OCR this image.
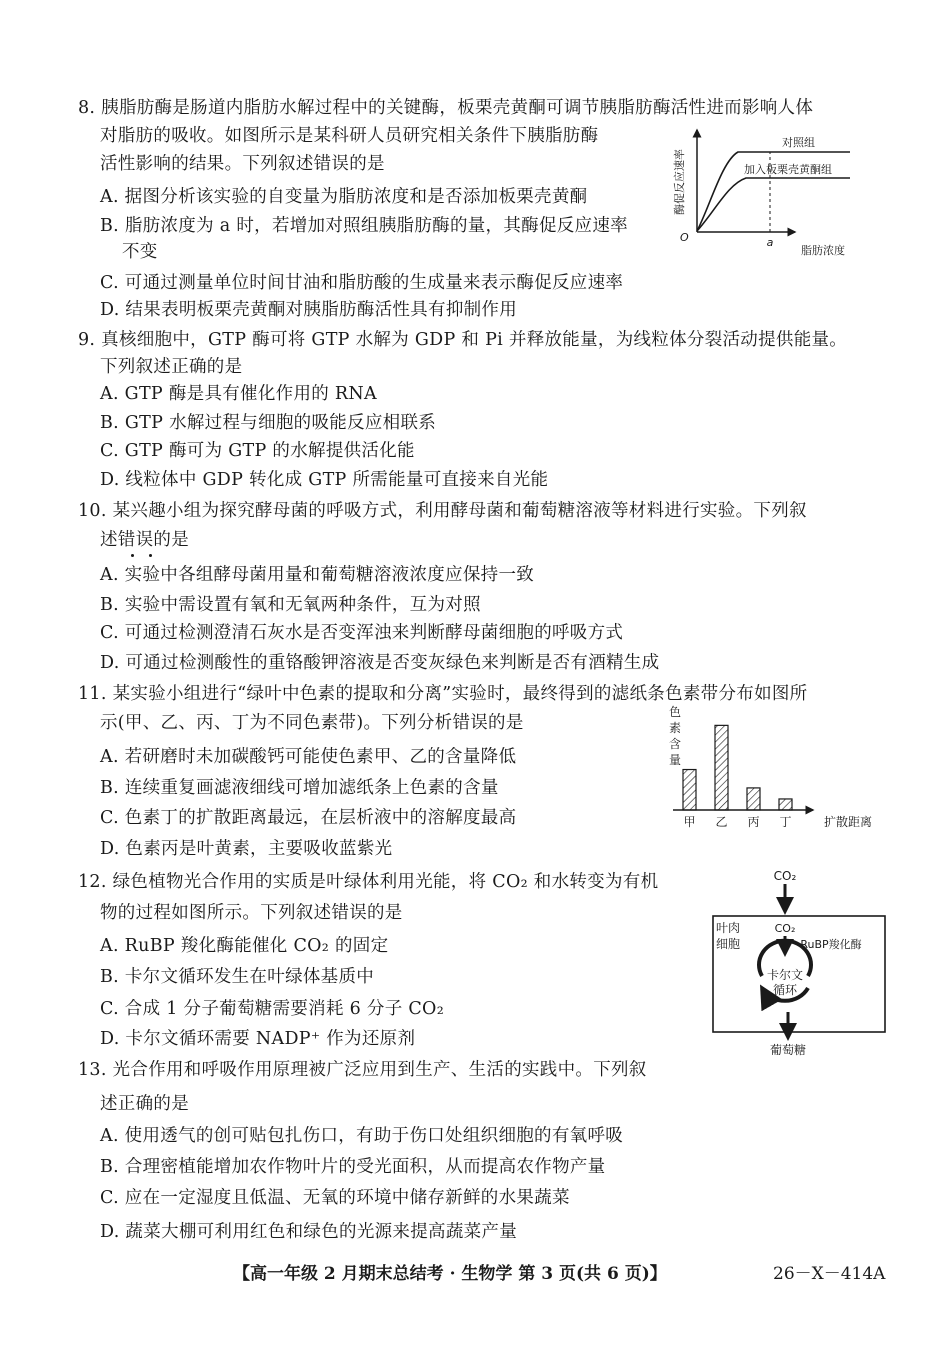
8. 胰脂肪酶是肠道内脂肪水解过程中的关键酶，板栗壳黄酮可调节胰脂肪酶活性进而影响人体
对脂肪的吸收。如图所示是某科研人员研究相关条件下胰脂肪酶
活性影响的结果。下列叙述错误的是
A. 据图分析该实验的自变量为脂肪浓度和是否添加板栗壳黄酮
B. 脂肪浓度为 a 时，若增加对照组胰脂肪酶的量，其酶促反应速率
不变
C. 可通过测量单位时间甘油和脂肪酸的生成量来表示酶促反应速率
D. 结果表明板栗壳黄酮对胰脂肪酶活性具有抑制作用
酶促反应速率
O	a
脂肪浓度
对照组
加入板栗壳黄酮组
9. 真核细胞中，GTP 酶可将 GTP 水解为 GDP 和 Pi 并释放能量，为线粒体分裂活动提供能量。
下列叙述正确的是
A. GTP 酶是具有催化作用的 RNA
B. GTP 水解过程与细胞的吸能反应相联系
C. GTP 酶可为 GTP 的水解提供活化能
D. 线粒体中 GDP 转化成 GTP 所需能量可直接来自光能
10. 某兴趣小组为探究酵母菌的呼吸方式，利用酵母菌和葡萄糖溶液等材料进行实验。下列叙
述错误的是
A. 实验中各组酵母菌用量和葡萄糖溶液浓度应保持一致
B. 实验中需设置有氧和无氧两种条件，互为对照
C. 可通过检测澄清石灰水是否变浑浊来判断酵母菌细胞的呼吸方式
D. 可通过检测酸性的重铬酸钾溶液是否变灰绿色来判断是否有酒精生成
11. 某实验小组进行“绿叶中色素的提取和分离”实验时，最终得到的滤纸条色素带分布如图所
示(甲、乙、丙、丁为不同色素带)。下列分析错误的是
A. 若研磨时未加碳酸钙可能使色素甲、乙的含量降低
B. 连续重复画滤液细线可增加滤纸条上色素的含量
C. 色素丁的扩散距离最远，在层析液中的溶解度最高
D. 色素丙是叶黄素，主要吸收蓝紫光
色
素
含
量
扩散距离
甲 乙 丙 丁
12. 绿色植物光合作用的实质是叶绿体利用光能，将 CO₂ 和水转变为有机
物的过程如图所示。下列叙述错误的是
A. RuBP 羧化酶能催化 CO₂ 的固定
B. 卡尔文循环发生在叶绿体基质中
C. 合成 1 分子葡萄糖需要消耗 6 分子 CO₂
D. 卡尔文循环需要 NADP⁺ 作为还原剂
CO₂
叶肉
细胞
CO₂
RuBP羧化酶
卡尔文
循环
葡萄糖
13. 光合作用和呼吸作用原理被广泛应用到生产、生活的实践中。下列叙
述正确的是
A. 使用透气的创可贴包扎伤口，有助于伤口处组织细胞的有氧呼吸
B. 合理密植能增加农作物叶片的受光面积，从而提高农作物产量
C. 应在一定湿度且低温、无氧的环境中储存新鲜的水果蔬菜
D. 蔬菜大棚可利用红色和绿色的光源来提高蔬菜产量
【高一年级 2 月期末总结考 · 生物学 第 3 页(共 6 页)】	26－X－414A
